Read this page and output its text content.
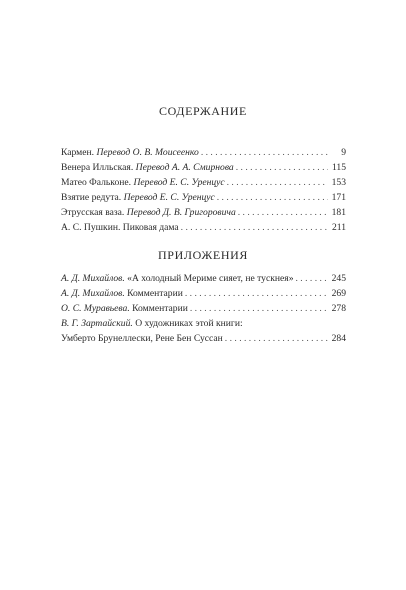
СОДЕРЖАНИЕ
Кармен. Перевод О. В. Моисеенко . . .	9
Венера Илльская. Перевод А. А. Смирнова . . .	115
Матео Фальконе. Перевод Е. С. Уренцус . . .	153
Взятие редута. Перевод Е. С. Уренцус . . .	171
Этрусская ваза. Перевод Д. В. Григоровича . . .	181
А. С. Пушкин. Пиковая дама . . .	211
ПРИЛОЖЕНИЯ
А. Д. Михайлов. «А холодный Мериме сияет, не тускнея» . . .	245
А. Д. Михайлов. Комментарии . . .	269
О. С. Муравьева. Комментарии . . .	278
В. Г. Зартайский. О художниках этой книги:
Умберто Брунеллески, Рене Бен Суссан . . .	284
